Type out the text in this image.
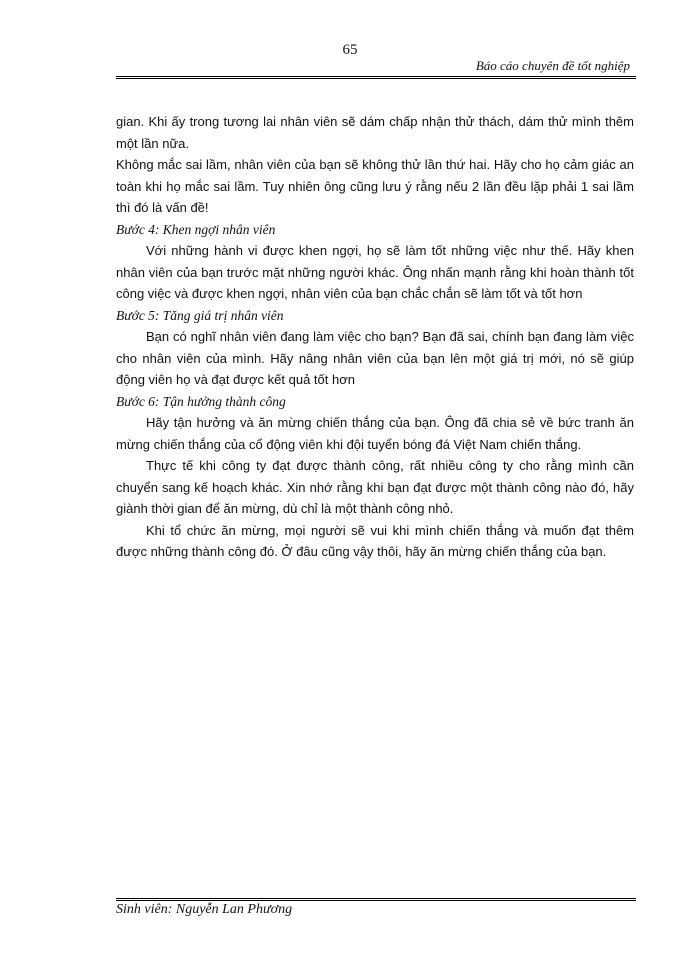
65
Báo cáo chuyên đề tốt nghiệp

gian. Khi ấy trong tương lai nhân viên sẽ dám chấp nhận thử thách, dám thử mình thêm một lần nữa.

Không mắc sai lầm, nhân viên của bạn sẽ không thử lần thứ hai. Hãy cho họ cảm giác an toàn khi họ mắc sai lầm. Tuy nhiên ông cũng lưu ý rằng nếu 2 lần đều lặp phải 1 sai lầm thì đó là vấn đề!

Bước 4: Khen ngợi nhân viên

Với những hành vi được khen ngợi, họ sẽ làm tốt những việc như thế. Hãy khen nhân viên của bạn trước mặt những người khác. Ông nhấn mạnh rằng khi hoàn thành tốt công việc và được khen ngợi, nhân viên của bạn chắc chắn sẽ làm tốt và tốt hơn

Bước 5: Tăng giá trị nhân viên

Bạn có nghĩ nhân viên đang làm việc cho bạn? Bạn đã sai, chính bạn đang làm việc cho nhân viên của mình. Hãy nâng nhân viên của bạn lên một giá trị mới, nó sẽ giúp động viên họ và đạt được kết quả tốt hơn

Bước 6: Tận hưởng thành công

Hãy tận hưởng và ăn mừng chiến thắng của bạn. Ông đã chia sẻ về bức tranh ăn mừng chiến thắng của cổ động viên khi đội tuyển bóng đá Việt Nam chiến thắng.

Thực tế khi công ty đạt được thành công, rất nhiều công ty cho rằng mình cần chuyển sang kế hoạch khác. Xin nhớ rằng khi bạn đạt được một thành công nào đó, hãy giành thời gian để ăn mừng, dù chỉ là một thành công nhỏ.

Khi tổ chức ăn mừng, mọi người sẽ vui khi mình chiến thắng và muốn đạt thêm được những thành công đó. Ở đâu cũng vậy thôi, hãy ăn mừng chiến thắng của bạn.

Sinh viên: Nguyễn Lan Phương
